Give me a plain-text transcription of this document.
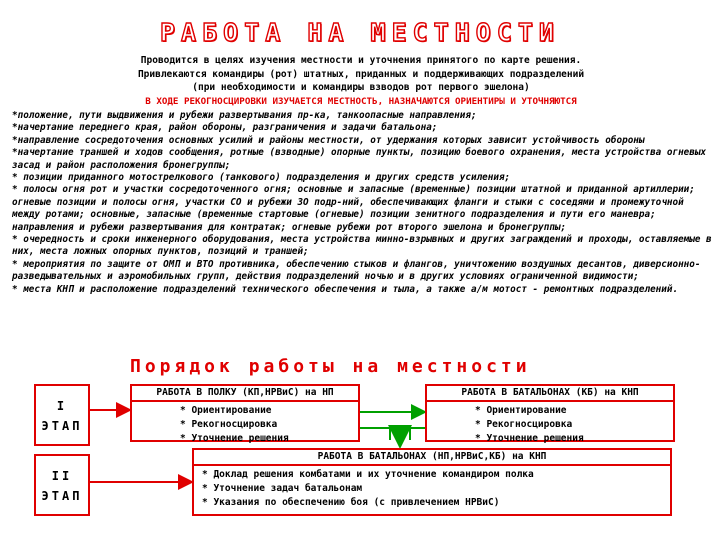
РАБОТА НА МЕСТНОСТИ
Проводится в целях изучения местности и уточнения принятого по карте решения.
Привлекаются командиры (рот) штатных, приданных и поддерживающих подразделений
(при необходимости и командиры взводов рот первого эшелона)
В ХОДЕ РЕКОГНОСЦИРОВКИ ИЗУЧАЕТСЯ МЕСТНОСТЬ, НАЗНАЧАЮТСЯ ОРИЕНТИРЫ И УТОЧНЯЮТСЯ
*положение, пути выдвижения и рубежи развертывания пр-ка, танкоопасные направления;
*начертание переднего края, район обороны, разграничения и задачи батальона;
*направление сосредоточения основных усилий и районы местности, от удержания которых зависит устойчивость обороны
*начертание траншей и ходов сообщения, ротные (взводные) опорные пункты, позицию боевого охранения, места устройства огневых засад и район расположения бронегруппы;
* позиции приданного мотострелкового (танкового) подразделения и других средств усиления;
* полосы огня рот и участки сосредоточенного огня; основные и запасные (временные) позиции штатной и приданной артиллерии; огневые позиции и полосы огня, участки СО и рубежи ЗО подр-ний, обеспечивающих фланги и стыки с соседями и промежуточной между ротами; основные, запасные (временные стартовые (огневые) позиции зенитного подразделения и пути его маневра; направления и рубежи развертывания для контратак; огневые рубежи рот второго эшелона и бронегруппы;
* очередность и сроки инженерного оборудования, места устройства минно-взрывных и других заграждений и проходы, оставляемые в них, места ложных опорных пунктов, позиций и траншей;
* мероприятия по защите от ОМП и ВТО противника, обеспечению стыков и флангов, уничтожению воздушных десантов, диверсионно-разведывательных и аэромобильных групп, действия подразделений ночью и в других условиях ограниченной видимости;
* места КНП и расположение подразделений технического обеспечения и тыла, а также а/м мотост - ремонтных подразделений.
Порядок работы на местности
I
ЭТАП
II
ЭТАП
РАБОТА В ПОЛКУ (КП,НРВиС) на НП
* Ориентирование
* Рекогносцировка
* Уточнение решения
РАБОТА В БАТАЛЬОНАХ (КБ) на КНП
* Ориентирование
* Рекогносцировка
* Уточнение решения
РАБОТА В БАТАЛЬОНАХ (НП,НРВиС,КБ) на КНП
* Доклад решения комбатами и их уточнение командиром полка
* Уточнение задач батальонам
* Указания по обеспечению боя (с привлечением НРВиС)
